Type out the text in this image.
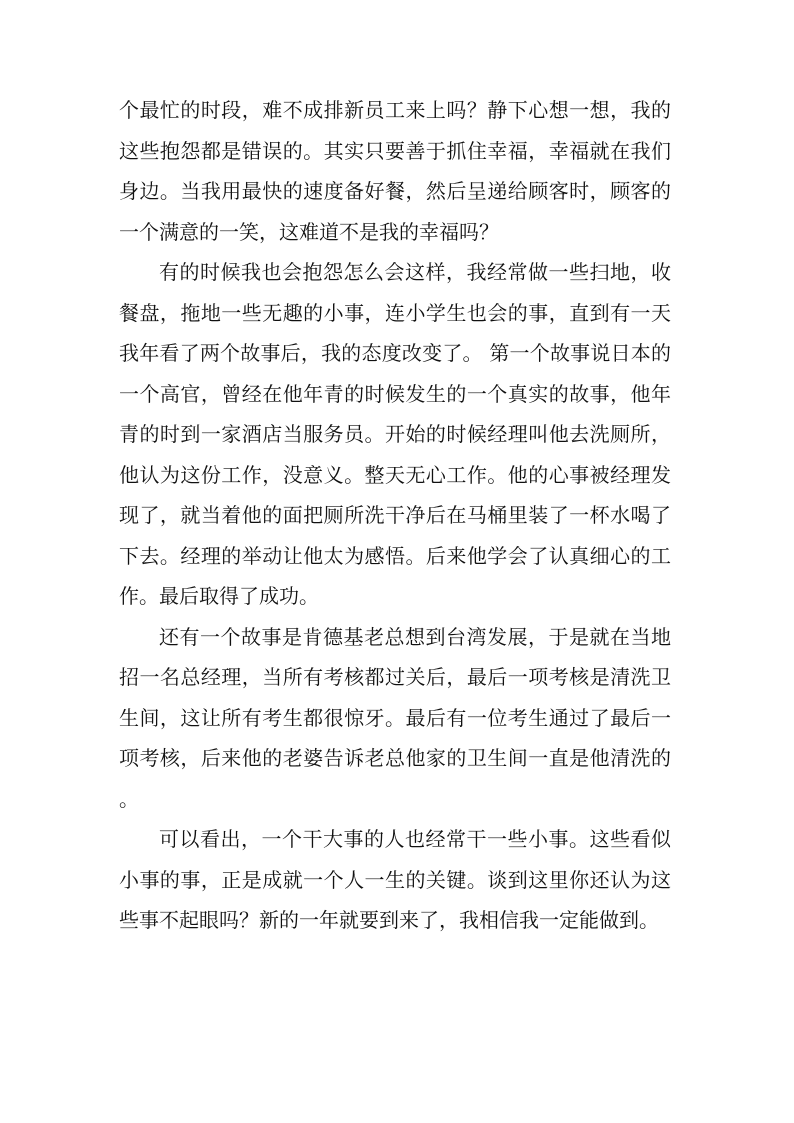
个最忙的时段，难不成排新员工来上吗？静下心想一想，我的这些抱怨都是错误的。其实只要善于抓住幸福，幸福就在我们身边。当我用最快的速度备好餐，然后呈递给顾客时，顾客的一个满意的一笑，这难道不是我的幸福吗？

有的时候我也会抱怨怎么会这样，我经常做一些扫地，收餐盘，拖地一些无趣的小事，连小学生也会的事，直到有一天我年看了两个故事后，我的态度改变了。 第一个故事说日本的一个高官，曾经在他年青的时候发生的一个真实的故事，他年青的时到一家酒店当服务员。开始的时候经理叫他去洗厕所，他认为这份工作，没意义。整天无心工作。他的心事被经理发现了，就当着他的面把厕所洗干净后在马桶里装了一杯水喝了下去。经理的举动让他太为感悟。后来他学会了认真细心的工作。最后取得了成功。

还有一个故事是肯德基老总想到台湾发展，于是就在当地招一名总经理，当所有考核都过关后，最后一项考核是清洗卫生间，这让所有考生都很惊牙。最后有一位考生通过了最后一项考核，后来他的老婆告诉老总他家的卫生间一直是他清洗的。

可以看出，一个干大事的人也经常干一些小事。这些看似小事的事，正是成就一个人一生的关键。谈到这里你还认为这些事不起眼吗？新的一年就要到来了，我相信我一定能做到。
